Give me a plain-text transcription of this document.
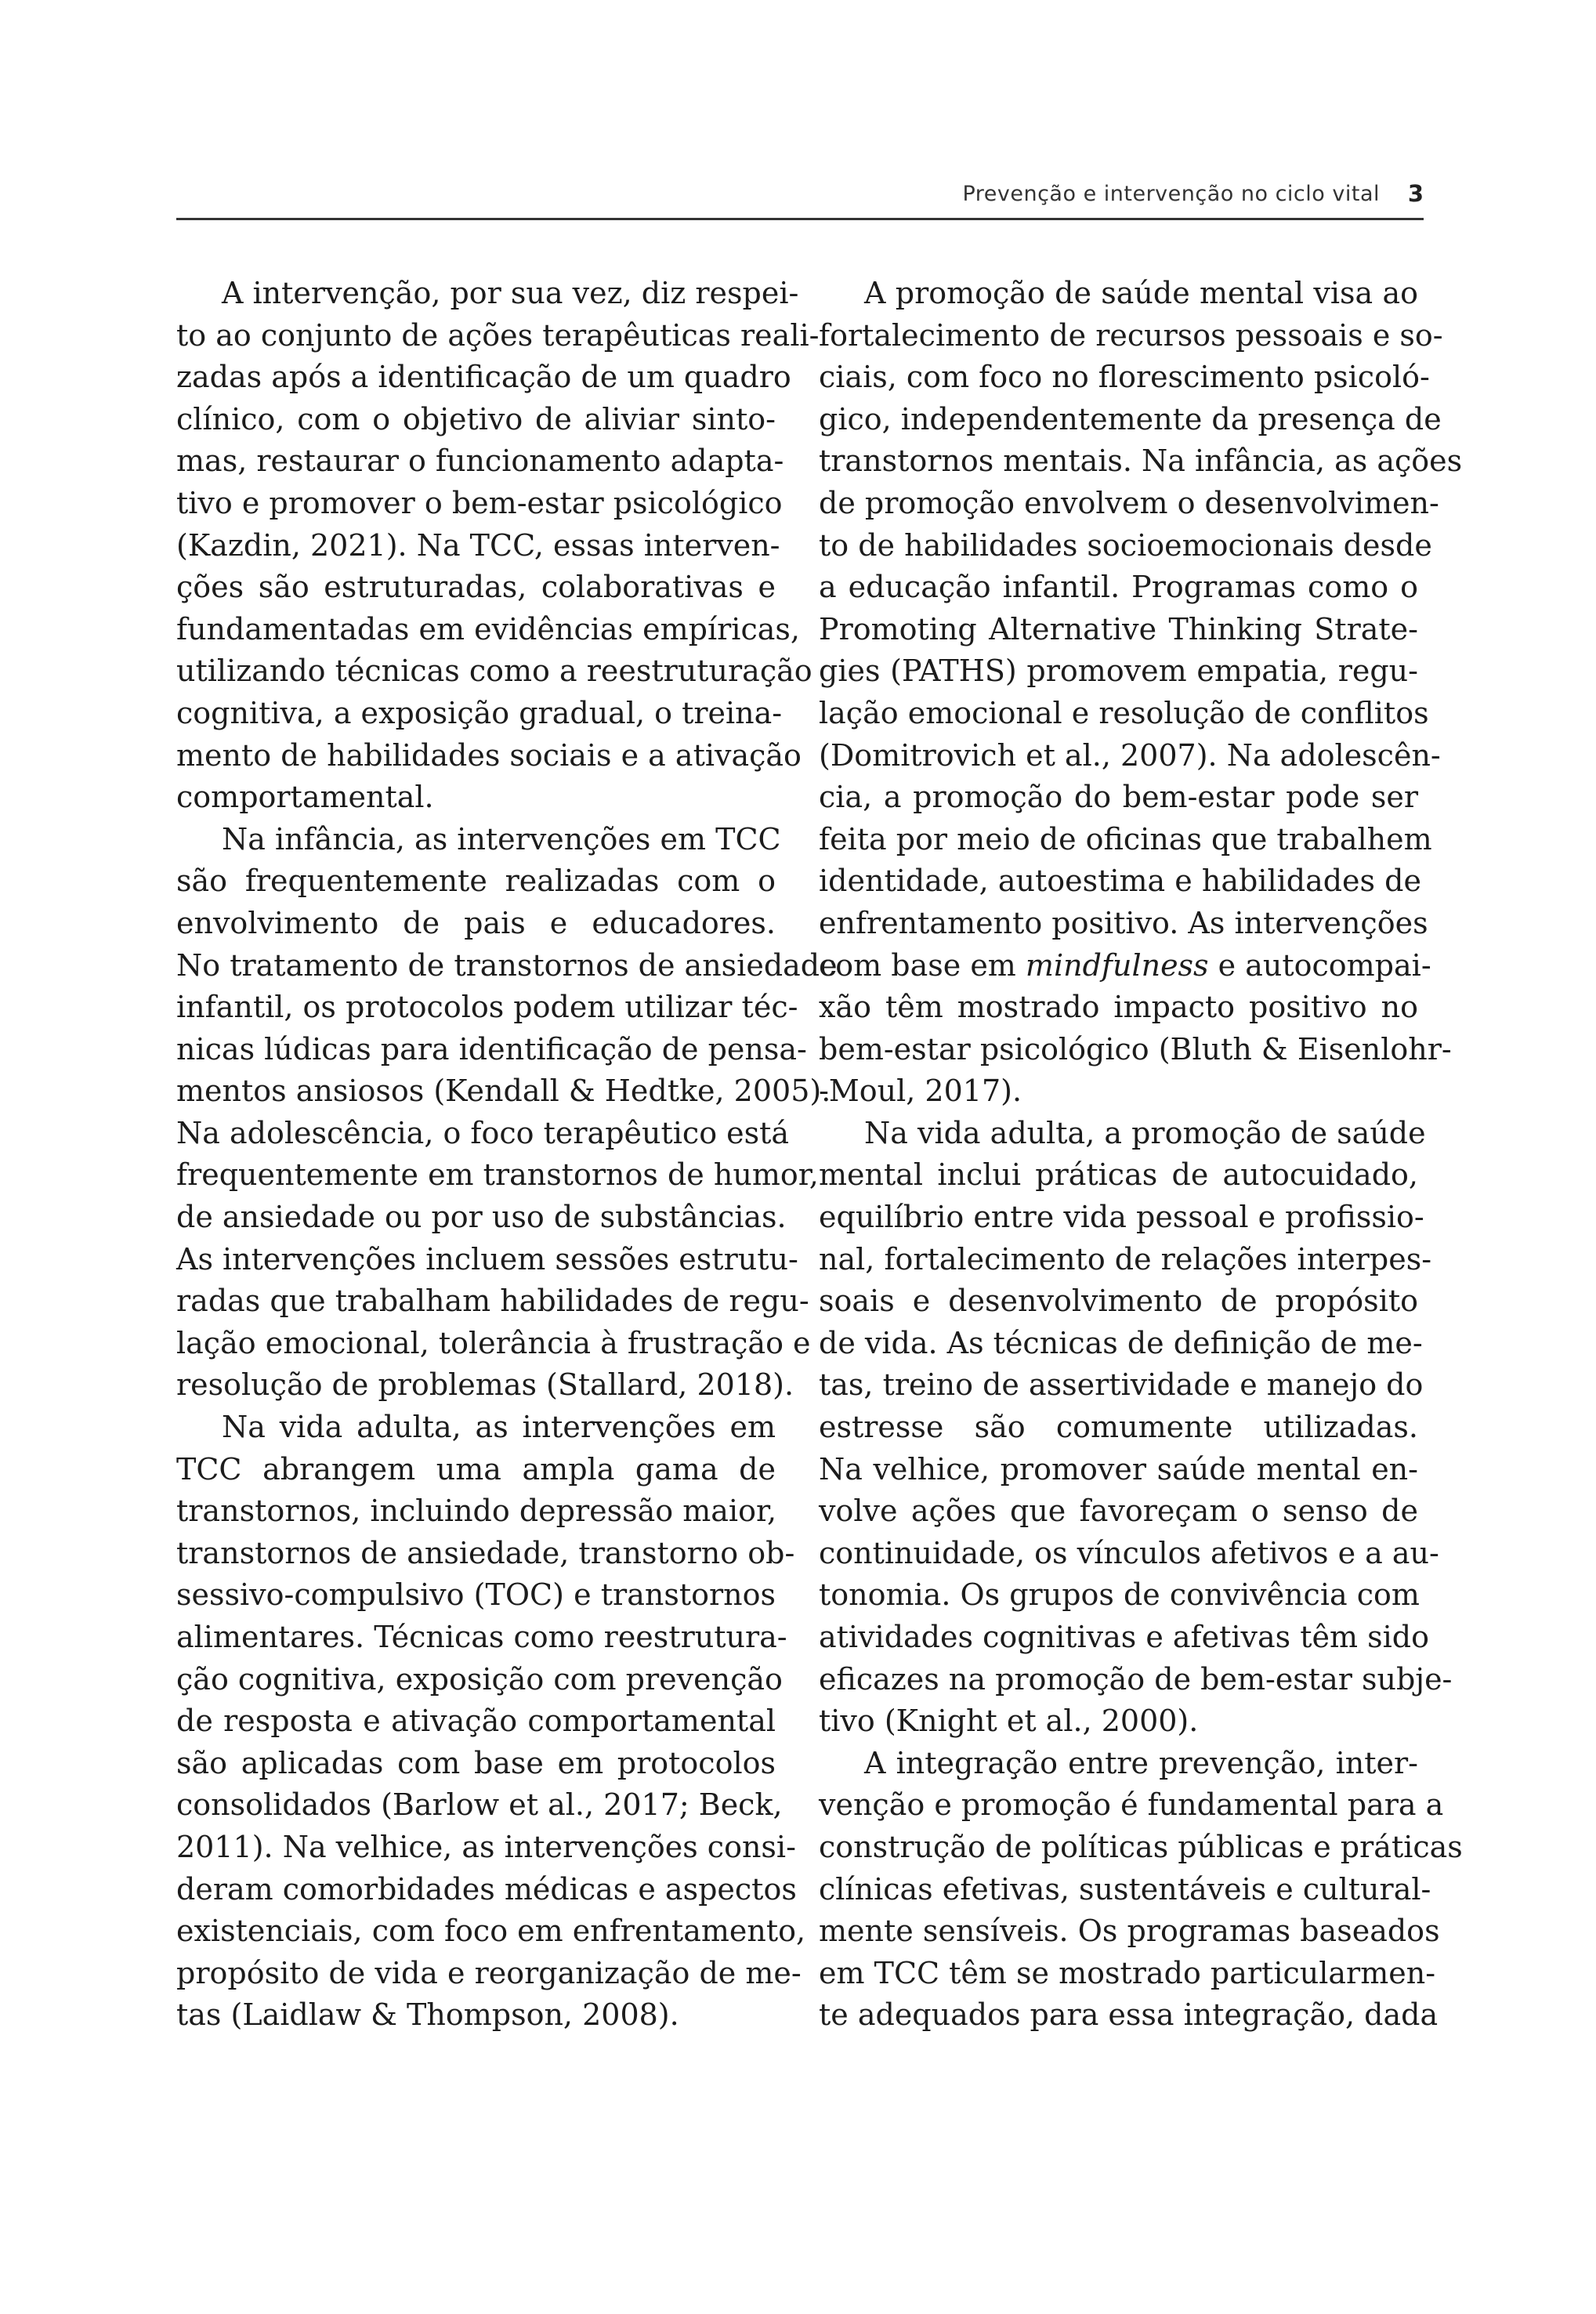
Prevenção e intervenção no ciclo vital 3
A intervenção, por sua vez, diz respei-
to ao conjunto de ações terapêuticas reali-
zadas após a identificação de um quadro
clínico, com o objetivo de aliviar sinto-
mas, restaurar o funcionamento adapta-
tivo e promover o bem-estar psicológico
(Kazdin, 2021). Na TCC, essas interven-
ções são estruturadas, colaborativas e
fundamentadas em evidências empíricas,
utilizando técnicas como a reestruturação
cognitiva, a exposição gradual, o treina-
mento de habilidades sociais e a ativação
comportamental.
Na infância, as intervenções em TCC
são frequentemente realizadas com o
envolvimento de pais e educadores.
No tratamento de transtornos de ansiedade
infantil, os protocolos podem utilizar téc-
nicas lúdicas para identificação de pensa-
mentos ansiosos (Kendall & Hedtke, 2005).
Na adolescência, o foco terapêutico está
frequentemente em transtornos de humor,
de ansiedade ou por uso de substâncias.
As intervenções incluem sessões estrutu-
radas que trabalham habilidades de regu-
lação emocional, tolerância à frustração e
resolução de problemas (Stallard, 2018).
Na vida adulta, as intervenções em
TCC abrangem uma ampla gama de
transtornos, incluindo depressão maior,
transtornos de ansiedade, transtorno ob-
sessivo-compulsivo (TOC) e transtornos
alimentares. Técnicas como reestrutura-
ção cognitiva, exposição com prevenção
de resposta e ativação comportamental
são aplicadas com base em protocolos
consolidados (Barlow et al., 2017; Beck,
2011). Na velhice, as intervenções consi-
deram comorbidades médicas e aspectos
existenciais, com foco em enfrentamento,
propósito de vida e reorganização de me-
tas (Laidlaw & Thompson, 2008).
A promoção de saúde mental visa ao
fortalecimento de recursos pessoais e so-
ciais, com foco no florescimento psicoló-
gico, independentemente da presença de
transtornos mentais. Na infância, as ações
de promoção envolvem o desenvolvimen-
to de habilidades socioemocionais desde
a educação infantil. Programas como o
Promoting Alternative Thinking Strate-
gies (PATHS) promovem empatia, regu-
lação emocional e resolução de conflitos
(Domitrovich et al., 2007). Na adolescên-
cia, a promoção do bem-estar pode ser
feita por meio de oficinas que trabalhem
identidade, autoestima e habilidades de
enfrentamento positivo. As intervenções
com base em mindfulness e autocompai-
xão têm mostrado impacto positivo no
bem-estar psicológico (Bluth & Eisenlohr-
-Moul, 2017).
Na vida adulta, a promoção de saúde
mental inclui práticas de autocuidado,
equilíbrio entre vida pessoal e profissio-
nal, fortalecimento de relações interpes-
soais e desenvolvimento de propósito
de vida. As técnicas de definição de me-
tas, treino de assertividade e manejo do
estresse são comumente utilizadas.
Na velhice, promover saúde mental en-
volve ações que favoreçam o senso de
continuidade, os vínculos afetivos e a au-
tonomia. Os grupos de convivência com
atividades cognitivas e afetivas têm sido
eficazes na promoção de bem-estar subje-
tivo (Knight et al., 2000).
A integração entre prevenção, inter-
venção e promoção é fundamental para a
construção de políticas públicas e práticas
clínicas efetivas, sustentáveis e cultural-
mente sensíveis. Os programas baseados
em TCC têm se mostrado particularmen-
te adequados para essa integração, dada
